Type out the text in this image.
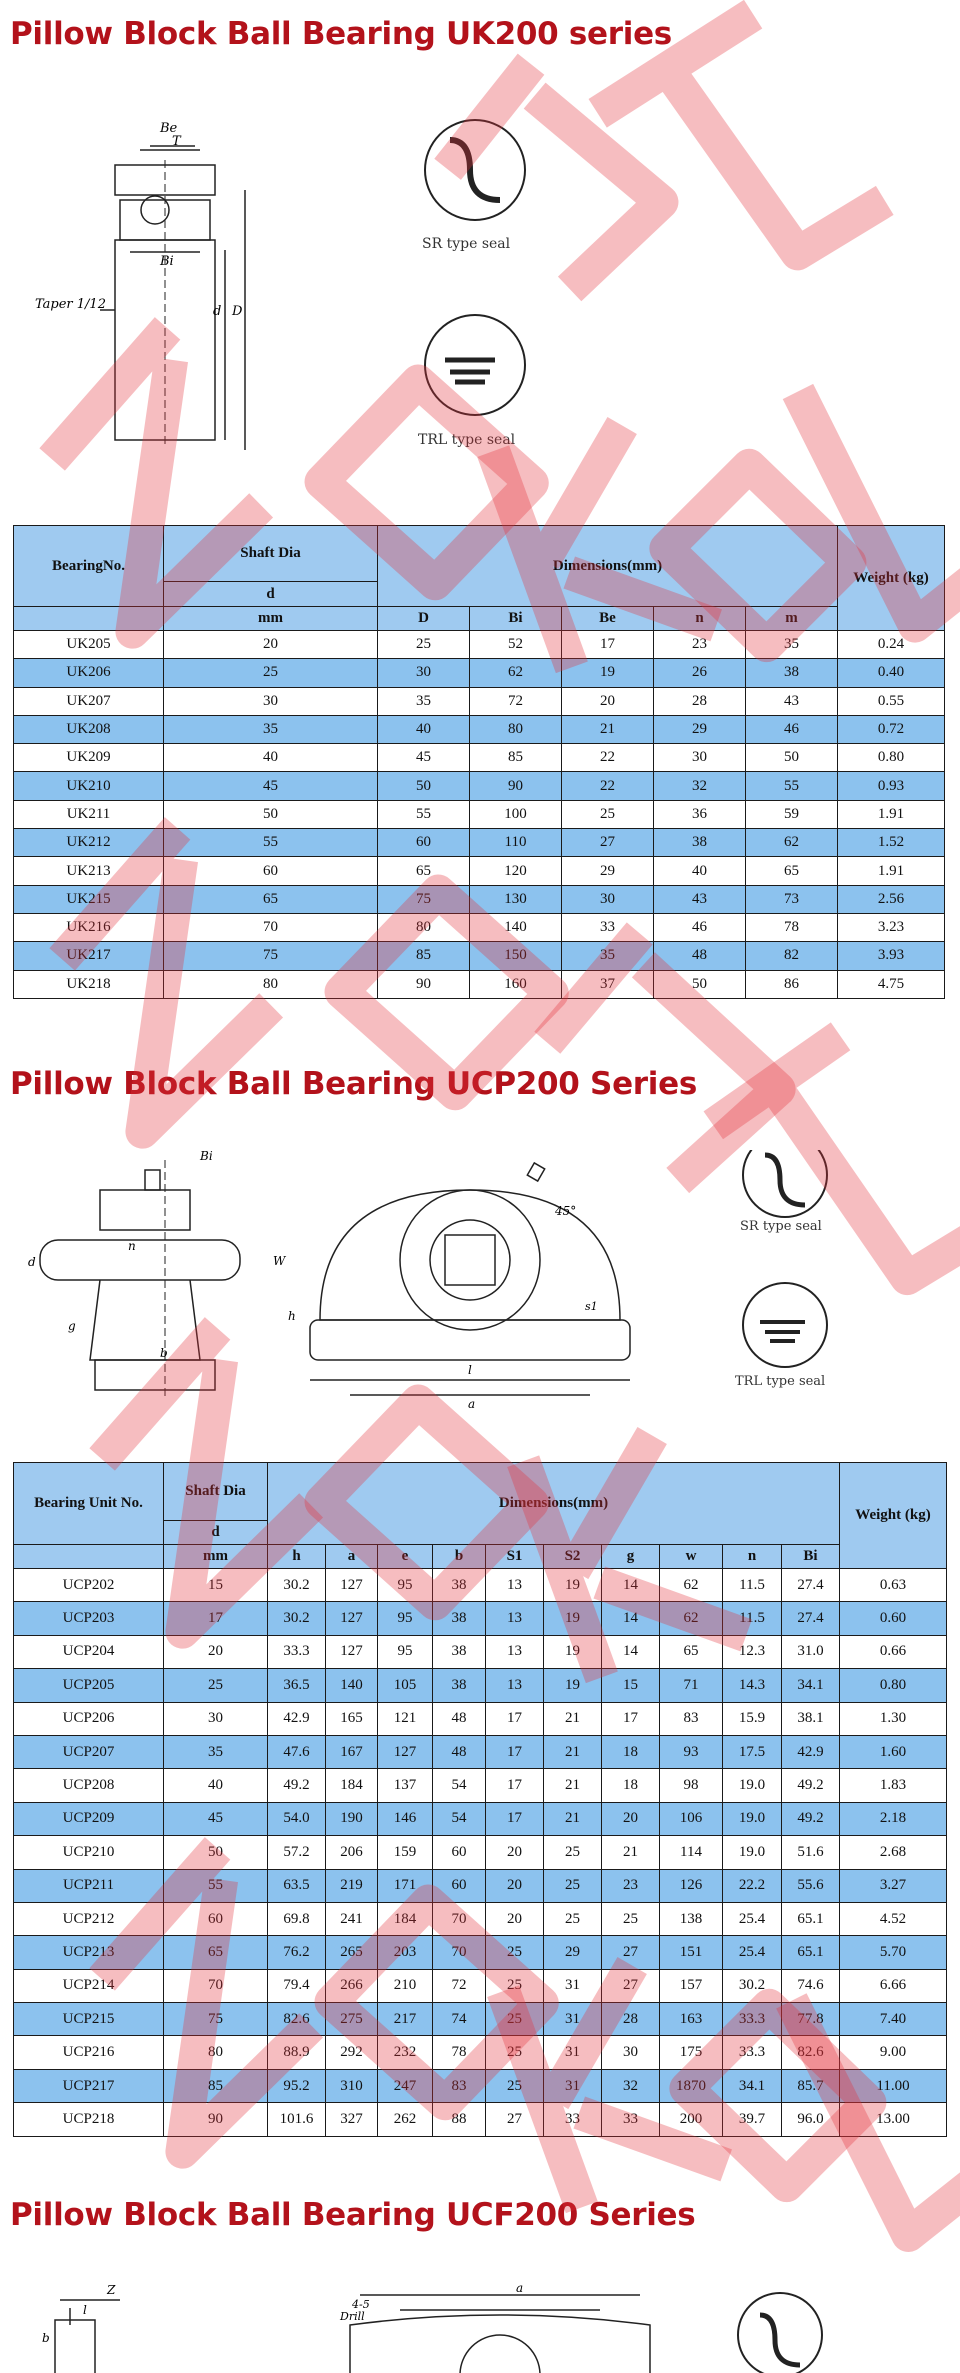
Pillow Block Ball Bearing UK200 series
Pillow Block Ball Bearing UCP200 Series
Pillow Block Ball Bearing UCF200 Series
Be
T
Bi
Taper 1/12	d D
SR type seal
TRL type seal
BearingNo.	Shaft Dia	Dimensions(mm)					Weight (kg)
	d						
	mm	D	Bi	Be	n	m	
UK205	20	25	52	17	23	35	0.24
UK206	25	30	62	19	26	38	0.40
UK207	30	35	72	20	28	43	0.55
UK208	35	40	80	21	29	46	0.72
UK209	40	45	85	22	30	50	0.80
UK210	45	50	90	22	32	55	0.93
UK211	50	55	100	25	36	59	1.91
UK212	55	60	110	27	38	62	1.52
UK213	60	65	120	29	40	65	1.91
UK215	65	75	130	30	43	73	2.56
UK216	70	80	140	33	46	78	3.23
UK217	75	85	150	35	48	82	3.93
UK218	80	90	160	37	50	86	4.75
Bi
45°
W
h
s1
l
a
b
d
g
n
SR type seal
TRL type seal
Bearing Unit No.	Shaft Dia	Dimensions(mm)										Weight (kg)
	d											
	mm	h	a	e	b	S1	S2	g	w	n	Bi	
UCP202	15	30.2	127	95	38	13	19	14	62	11.5	27.4	0.63
UCP203	17	30.2	127	95	38	13	19	14	62	11.5	27.4	0.60
UCP204	20	33.3	127	95	38	13	19	14	65	12.3	31.0	0.66
UCP205	25	36.5	140	105	38	13	19	15	71	14.3	34.1	0.80
UCP206	30	42.9	165	121	48	17	21	17	83	15.9	38.1	1.30
UCP207	35	47.6	167	127	48	17	21	18	93	17.5	42.9	1.60
UCP208	40	49.2	184	137	54	17	21	18	98	19.0	49.2	1.83
UCP209	45	54.0	190	146	54	17	21	20	106	19.0	49.2	2.18
UCP210	50	57.2	206	159	60	20	25	21	114	19.0	51.6	2.68
UCP211	55	63.5	219	171	60	20	25	23	126	22.2	55.6	3.27
UCP212	60	69.8	241	184	70	20	25	25	138	25.4	65.1	4.52
UCP213	65	76.2	265	203	70	25	29	27	151	25.4	65.1	5.70
UCP214	70	79.4	266	210	72	25	31	27	157	30.2	74.6	6.66
UCP215	75	82.6	275	217	74	25	31	28	163	33.3	77.8	7.40
UCP216	80	88.9	292	232	78	25	31	30	175	33.3	82.6	9.00
UCP217	85	95.2	310	247	83	25	31	32	1870	34.1	85.7	11.00
UCP218	90	101.6	327	262	88	27	33	33	200	39.7	96.0	13.00
Z
l
b
a
4-5
Drill
